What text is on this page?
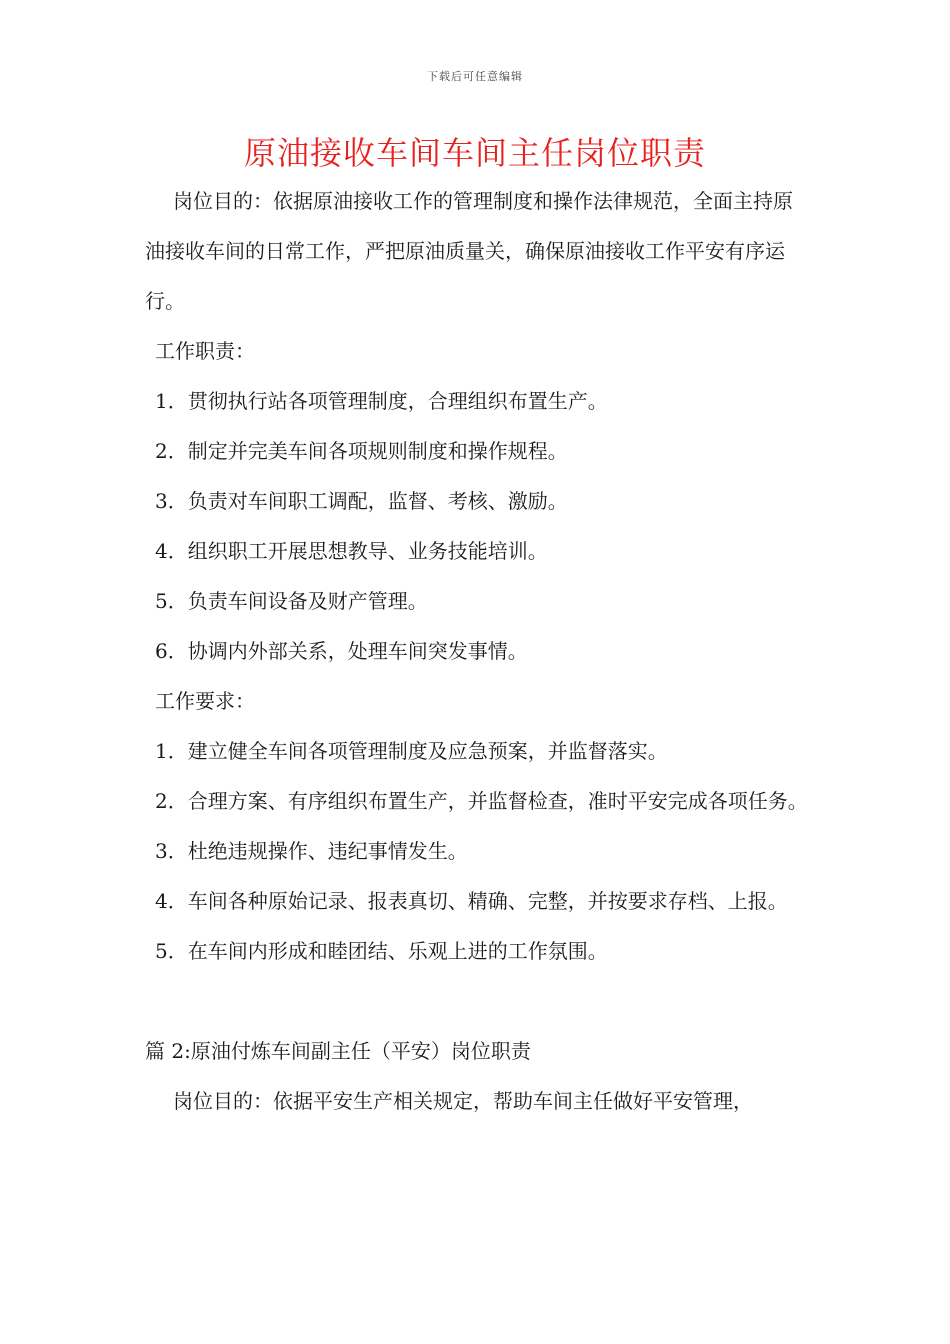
下载后可任意编辑
原油接收车间车间主任岗位职责

岗位目的：依据原油接收工作的管理制度和操作法律规范，全面主持原油接收车间的日常工作，严把原油质量关，确保原油接收工作平安有序运行。

工作职责：

1．贯彻执行站各项管理制度，合理组织布置生产。

2．制定并完美车间各项规则制度和操作规程。

3．负责对车间职工调配，监督、考核、激励。

4．组织职工开展思想教导、业务技能培训。

5．负责车间设备及财产管理。

6．协调内外部关系，处理车间突发事情。

工作要求：

1．建立健全车间各项管理制度及应急预案，并监督落实。

2．合理方案、有序组织布置生产，并监督检查，准时平安完成各项任务。

3．杜绝违规操作、违纪事情发生。

4．车间各种原始记录、报表真切、精确、完整，并按要求存档、上报。

5．在车间内形成和睦团结、乐观上进的工作氛围。

篇 2:原油付炼车间副主任（平安）岗位职责

岗位目的：依据平安生产相关规定，帮助车间主任做好平安管理，
